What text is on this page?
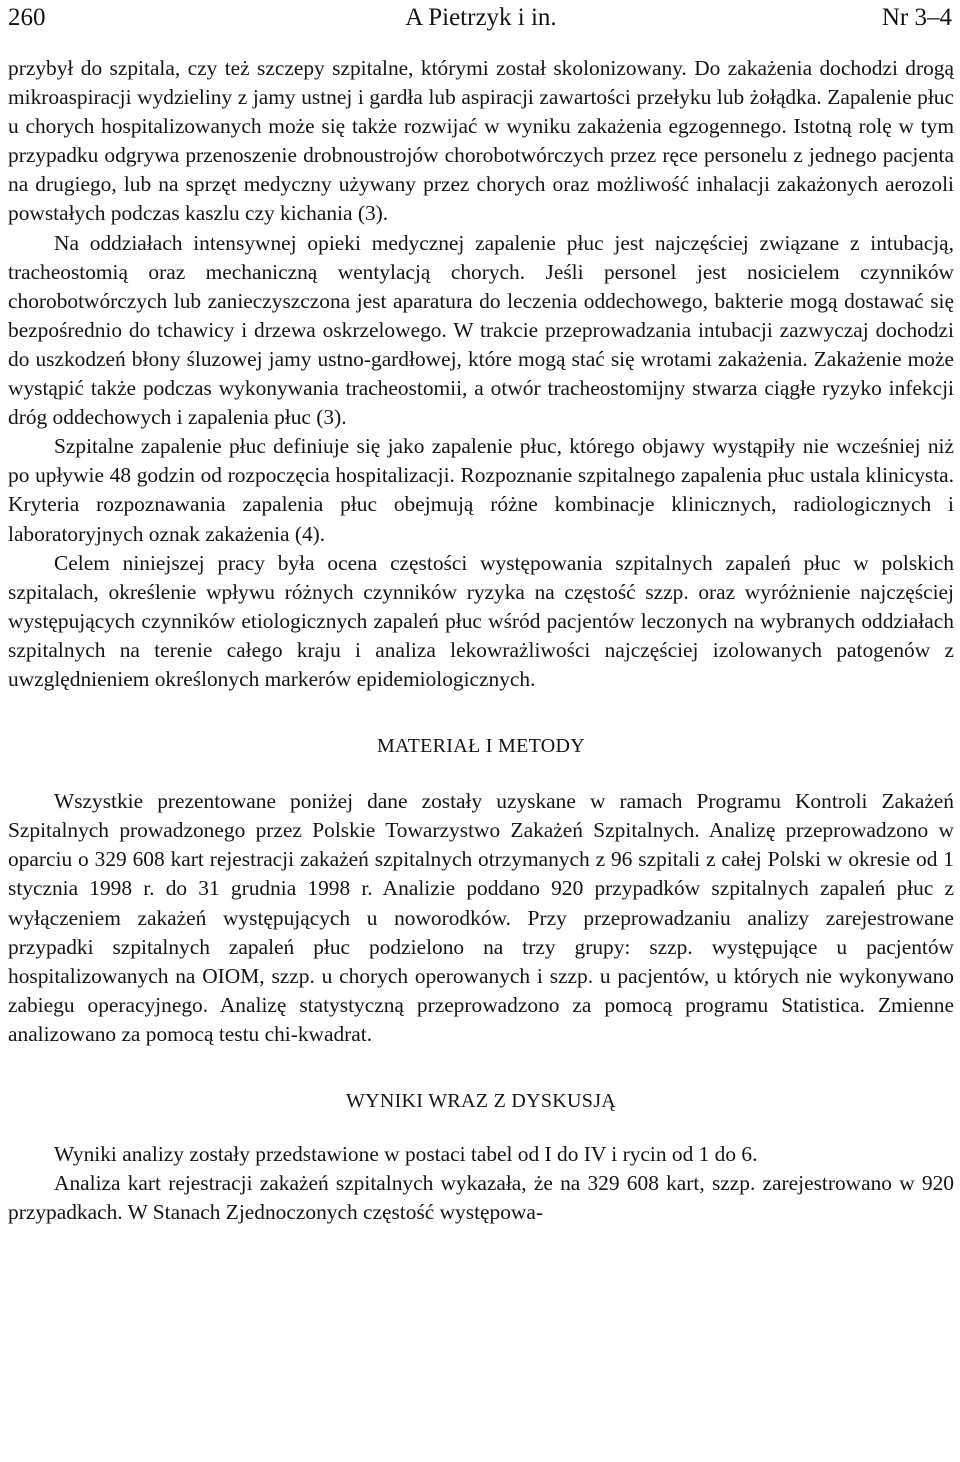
260	A Pietrzyk i in.	Nr 3–4

przybył do szpitala, czy też szczepy szpitalne, którymi został skolonizowany. Do zakażenia dochodzi drogą mikroaspiracji wydzieliny z jamy ustnej i gardła lub aspiracji zawartości przełyku lub żołądka. Zapalenie płuc u chorych hospitalizowanych może się także rozwijać w wyniku zakażenia egzogennego. Istotną rolę w tym przypadku odgrywa przenoszenie drobnoustrojów chorobotwórczych przez ręce personelu z jednego pacjenta na drugiego, lub na sprzęt medyczny używany przez chorych oraz możliwość inhalacji zakażonych aerozoli powstałych podczas kaszlu czy kichania (3).

Na oddziałach intensywnej opieki medycznej zapalenie płuc jest najczęściej związane z intubacją, tracheostomią oraz mechaniczną wentylacją chorych. Jeśli personel jest nosicielem czynników chorobotwórczych lub zanieczyszczona jest aparatura do leczenia oddechowego, bakterie mogą dostawać się bezpośrednio do tchawicy i drzewa oskrzelowego. W trakcie przeprowadzania intubacji zazwyczaj dochodzi do uszkodzeń błony śluzowej jamy ustno-gardłowej, które mogą stać się wrotami zakażenia. Zakażenie może wystąpić także podczas wykonywania tracheostomii, a otwór tracheostomijny stwarza ciągłe ryzyko infekcji dróg oddechowych i zapalenia płuc (3).

Szpitalne zapalenie płuc definiuje się jako zapalenie płuc, którego objawy wystąpiły nie wcześniej niż po upływie 48 godzin od rozpoczęcia hospitalizacji. Rozpoznanie szpitalnego zapalenia płuc ustala klinicysta. Kryteria rozpoznawania zapalenia płuc obejmują różne kombinacje klinicznych, radiologicznych i laboratoryjnych oznak zakażenia (4).

Celem niniejszej pracy była ocena częstości występowania szpitalnych zapaleń płuc w polskich szpitalach, określenie wpływu różnych czynników ryzyka na częstość szzp. oraz wyróżnienie najczęściej występujących czynników etiologicznych zapaleń płuc wśród pacjentów leczonych na wybranych oddziałach szpitalnych na terenie całego kraju i analiza lekowrażliwości najczęściej izolowanych patogenów z uwzględnieniem określonych markerów epidemiologicznych.

MATERIAŁ I METODY

Wszystkie prezentowane poniżej dane zostały uzyskane w ramach Programu Kontroli Zakażeń Szpitalnych prowadzonego przez Polskie Towarzystwo Zakażeń Szpitalnych. Analizę przeprowadzono w oparciu o 329 608 kart rejestracji zakażeń szpitalnych otrzymanych z 96 szpitali z całej Polski w okresie od 1 stycznia 1998 r. do 31 grudnia 1998 r. Analizie poddano 920 przypadków szpitalnych zapaleń płuc z wyłączeniem zakażeń występujących u noworodków. Przy przeprowadzaniu analizy zarejestrowane przypadki szpitalnych zapaleń płuc podzielono na trzy grupy: szzp. występujące u pacjentów hospitalizowanych na OIOM, szzp. u chorych operowanych i szzp. u pacjentów, u których nie wykonywano zabiegu operacyjnego. Analizę statystyczną przeprowadzono za pomocą programu Statistica. Zmienne analizowano za pomocą testu chi-kwadrat.

WYNIKI WRAZ Z DYSKUSJĄ

Wyniki analizy zostały przedstawione w postaci tabel od I do IV i rycin od 1 do 6.

Analiza kart rejestracji zakażeń szpitalnych wykazała, że na 329 608 kart, szzp. zarejestrowano w 920 przypadkach. W Stanach Zjednoczonych częstość występowa-
